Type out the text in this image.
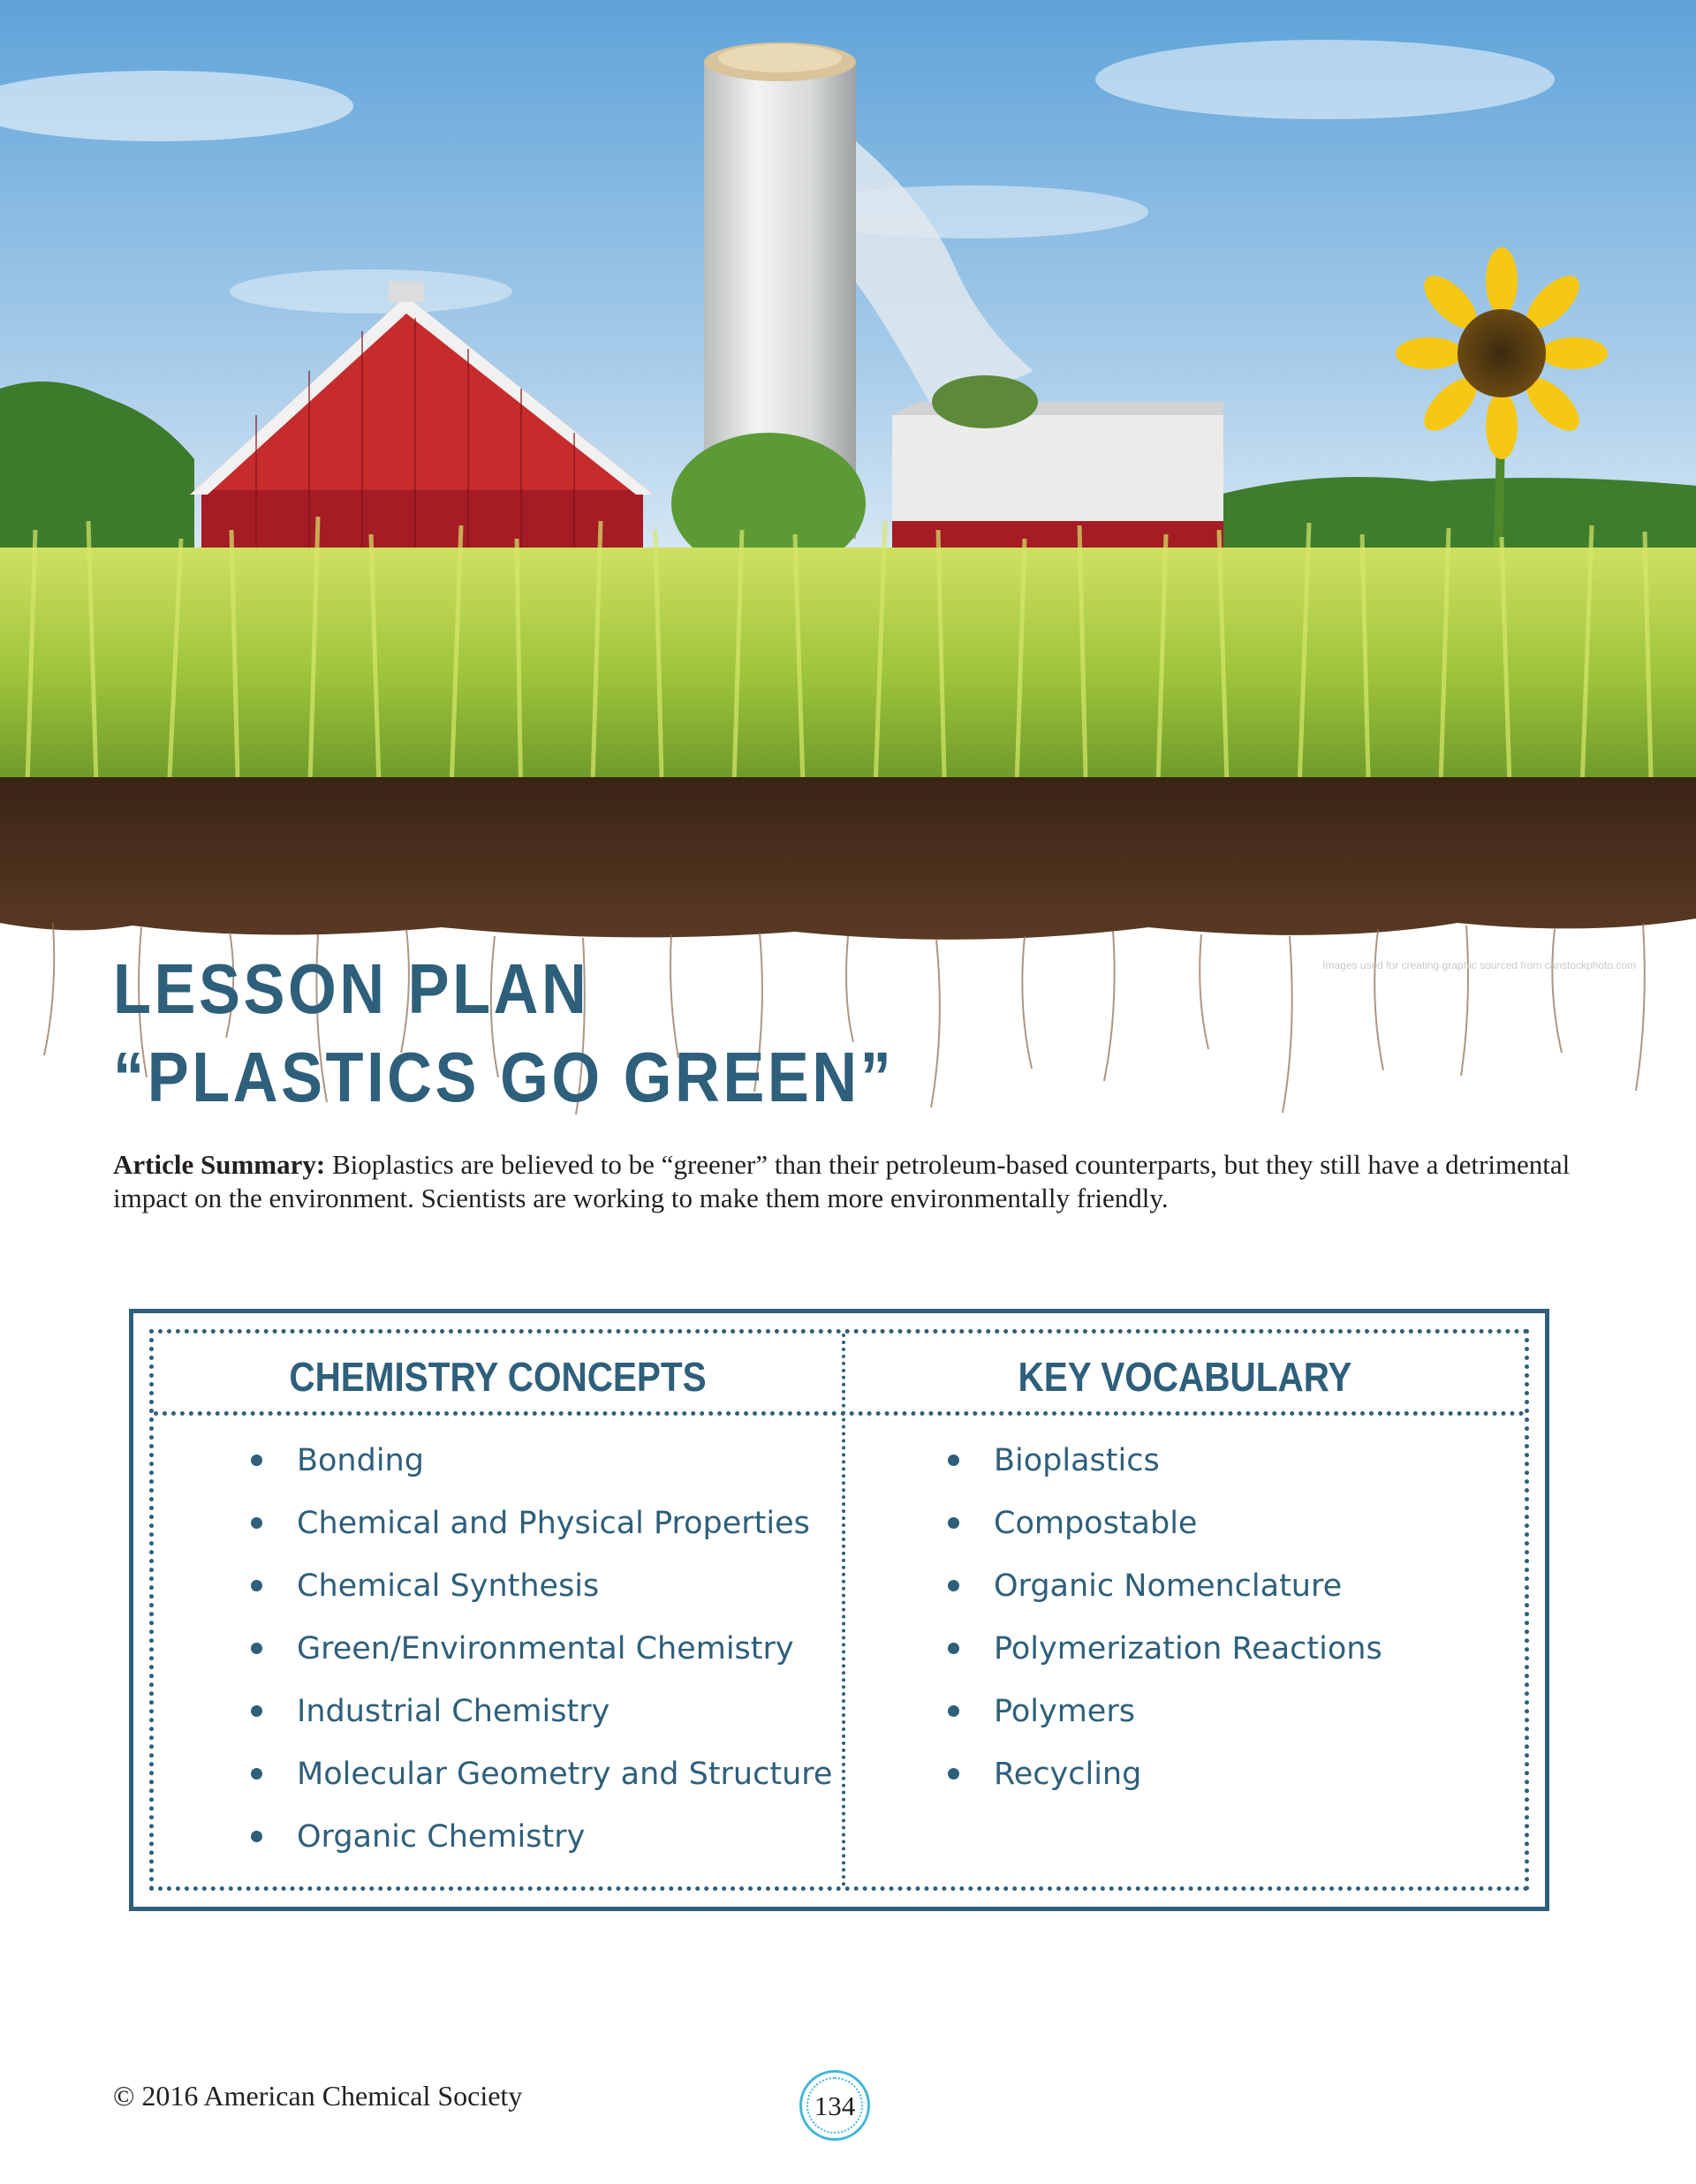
Images used for creating graphic sourced from canstockphoto.com
LESSON PLAN
“PLASTICS GO GREEN”
Article Summary: Bioplastics are believed to be “greener” than their petroleum-based counterparts, but they still have a detrimental impact on the environment. Scientists are working to make them more environmentally friendly.
CHEMISTRY CONCEPTS	KEY VOCABULARY
Bonding
Chemical and Physical Properties
Chemical Synthesis
Green/Environmental Chemistry
Industrial Chemistry
Molecular Geometry and Structure
Organic Chemistry
Bioplastics
Compostable
Organic Nomenclature
Polymerization Reactions
Polymers
Recycling
© 2016 American Chemical Society	134
